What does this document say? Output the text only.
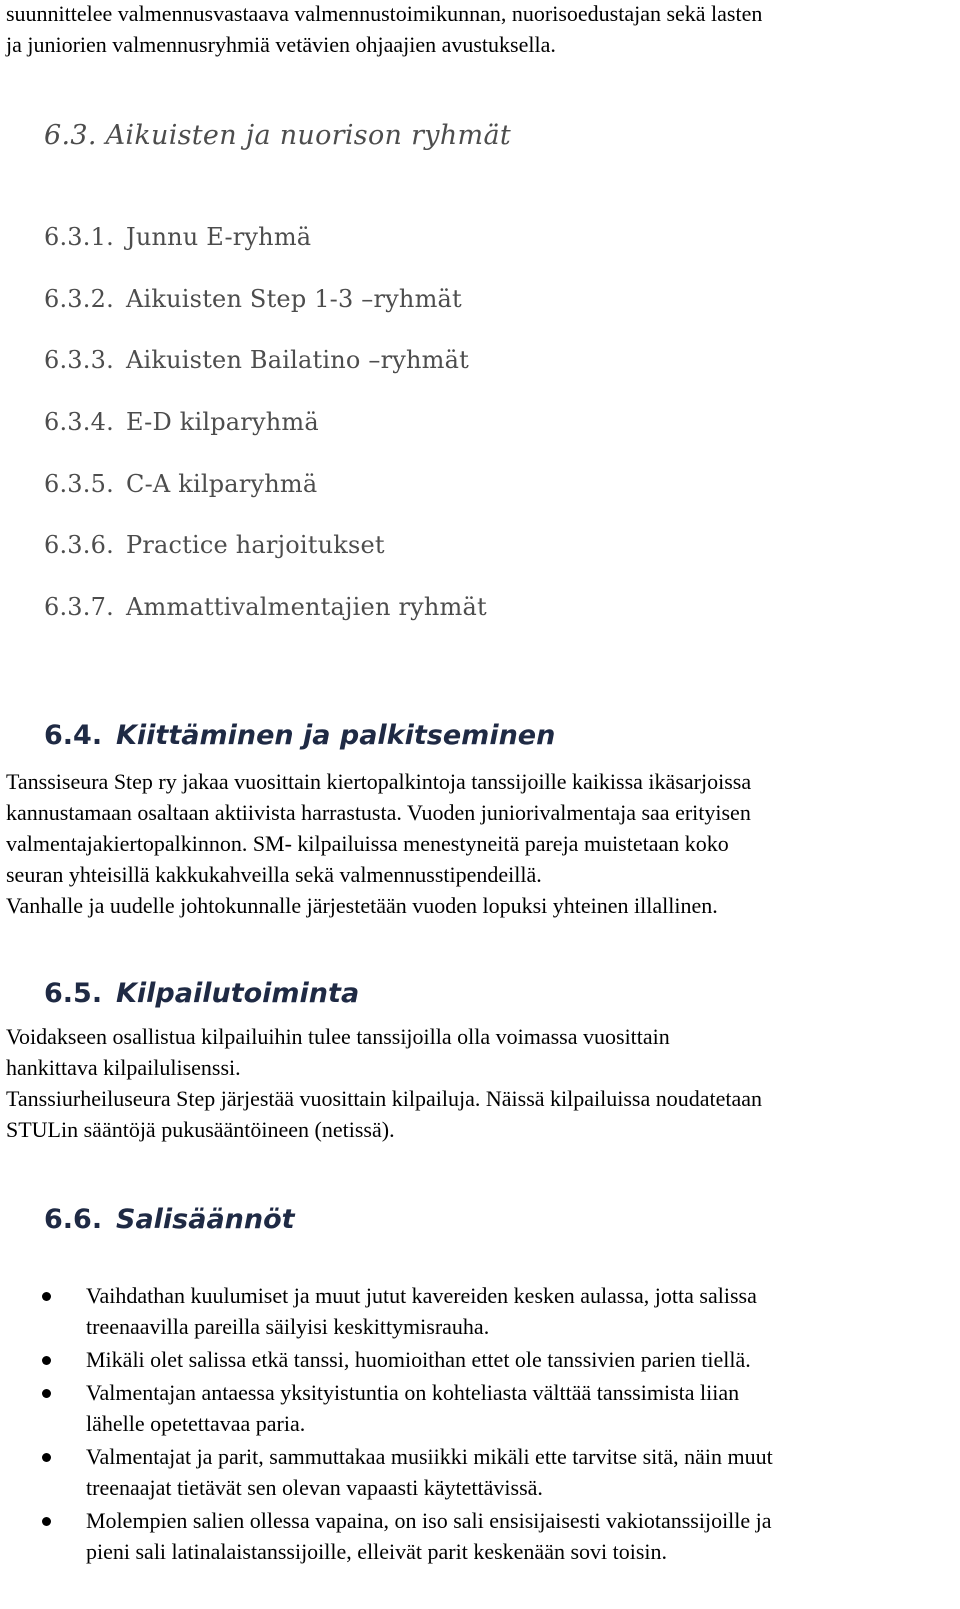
suunnittelee valmennusvastaava valmennustoimikunnan, nuorisoedustajan sekä lasten
ja juniorien valmennusryhmiä vetävien ohjaajien avustuksella.
6.3. Aikuisten ja nuorison ryhmät
6.3.1. Junnu E-ryhmä
6.3.2. Aikuisten Step 1-3 –ryhmät
6.3.3. Aikuisten Bailatino –ryhmät
6.3.4. E-D kilparyhmä
6.3.5. C-A kilparyhmä
6.3.6. Practice harjoitukset
6.3.7. Ammattivalmentajien ryhmät
6.4. Kiittäminen ja palkitseminen
Tanssiseura Step ry jakaa vuosittain kiertopalkintoja tanssijoille kaikissa ikäsarjoissa
kannustamaan osaltaan aktiivista harrastusta. Vuoden juniorivalmentaja saa erityisen
valmentajakiertopalkinnon. SM- kilpailuissa menestyneitä pareja muistetaan koko
seuran yhteisillä kakkukahveilla sekä valmennusstipendeillä.
Vanhalle ja uudelle johtokunnalle järjestetään vuoden lopuksi yhteinen illallinen.
6.5. Kilpailutoiminta
Voidakseen osallistua kilpailuihin tulee tanssijoilla olla voimassa vuosittain
hankittava kilpailulisenssi.
Tanssiurheiluseura Step järjestää vuosittain kilpailuja. Näissä kilpailuissa noudatetaan
STULin sääntöjä pukusääntöineen (netissä).
6.6. Salisäännöt
Vaihdathan kuulumiset ja muut jutut kavereiden kesken aulassa, jotta salissa
treenaavilla pareilla säilyisi keskittymisrauha.
Mikäli olet salissa etkä tanssi, huomioithan ettet ole tanssivien parien tiellä.
Valmentajan antaessa yksityistuntia on kohteliasta välttää tanssimista liian
lähelle opetettavaa paria.
Valmentajat ja parit, sammuttakaa musiikki mikäli ette tarvitse sitä, näin muut
treenaajat tietävät sen olevan vapaasti käytettävissä.
Molempien salien ollessa vapaina, on iso sali ensisijaisesti vakiotanssijoille ja
pieni sali latinalaistanssijoille, elleivät parit keskenään sovi toisin.
